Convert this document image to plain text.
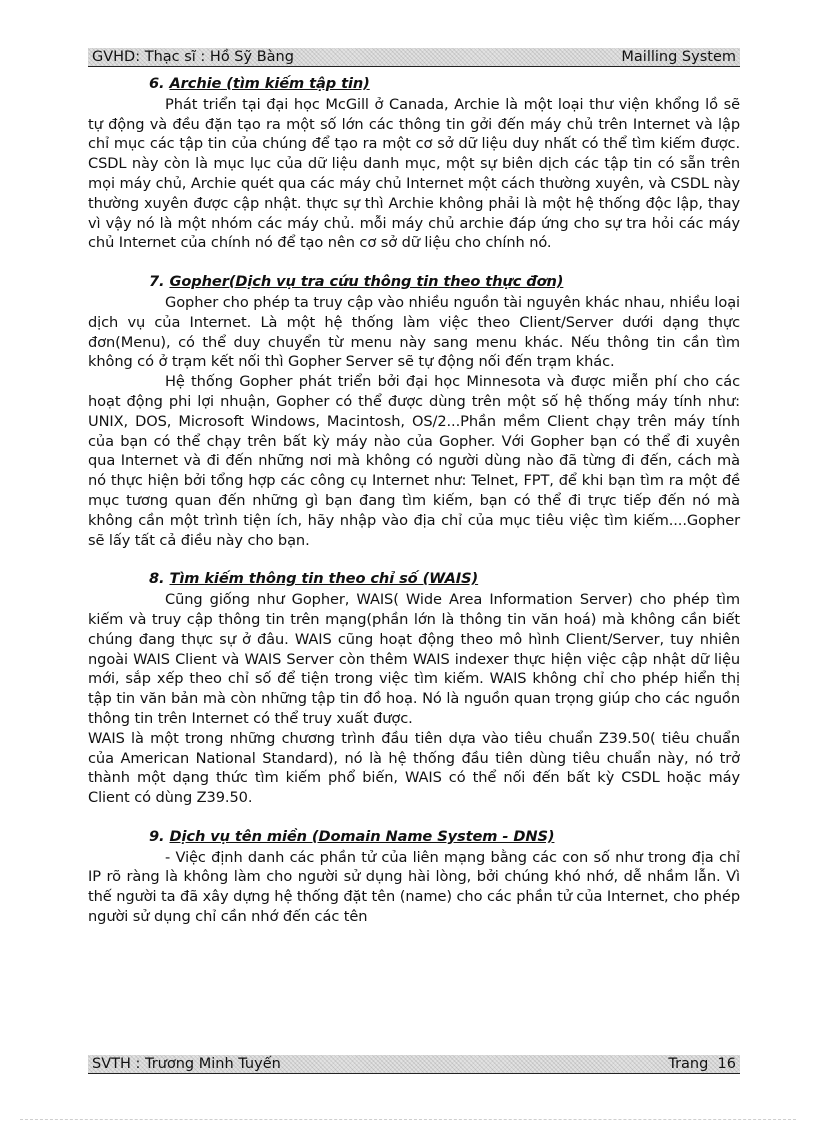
GVHD: Thạc sĩ : Hồ Sỹ Bàng	Mailling System
6. Archie (tìm kiếm tập tin)

Phát triển tại đại học McGill ở Canada, Archie là một loại thư viện khổng lồ sẽ tự động và đều đặn tạo ra một số lớn các thông tin gởi đến máy chủ trên Internet và lập chỉ mục các tập tin của chúng để tạo ra một cơ sở dữ liệu duy nhất có thể tìm kiếm được. CSDL này còn là mục lục của dữ liệu danh mục, một sự biên dịch các tập tin có sẵn trên mọi máy chủ, Archie quét qua các máy chủ Internet một cách thường xuyên, và CSDL này thường xuyên được cập nhật. thực sự thì Archie không phải là một hệ thống độc lập, thay vì vậy nó là một nhóm các máy chủ. mỗi máy chủ archie đáp ứng cho sự tra hỏi các máy chủ Internet của chính nó để tạo nên cơ sở dữ liệu cho chính nó.

7. Gopher(Dịch vụ tra cứu thông tin theo thực đơn)

Gopher cho phép ta truy cập vào nhiều nguồn tài nguyên khác nhau, nhiều loại dịch vụ của Internet. Là một hệ thống làm việc theo Client/Server dưới dạng thực đơn(Menu), có thể duy chuyển từ menu này sang menu khác. Nếu thông tin cần tìm không có ở trạm kết nối thì Gopher Server sẽ tự động nối đến trạm khác.

Hệ thống Gopher phát triển bởi đại học Minnesota và được miễn phí cho các hoạt động phi lợi nhuận, Gopher có thể được dùng trên một số hệ thống máy tính như: UNIX, DOS, Microsoft Windows, Macintosh, OS/2...Phần mềm Client chạy trên máy tính của bạn có thể chạy trên bất kỳ máy nào của Gopher. Với Gopher bạn có thể đi xuyên qua Internet và đi đến những nơi mà không có người dùng nào đã từng đi đến, cách mà nó thực hiện bởi tổng hợp các công cụ Internet như: Telnet, FPT, để khi bạn tìm ra một đề mục tương quan đến những gì bạn đang tìm kiếm, bạn có thể đi trực tiếp đến nó mà không cần một trình tiện ích, hãy nhập vào địa chỉ của mục tiêu việc tìm kiếm....Gopher sẽ lấy tất cả điều này cho bạn.

8. Tìm kiếm thông tin theo chỉ số (WAIS)

Cũng giống như Gopher, WAIS( Wide Area Information Server) cho phép tìm kiếm và truy cập thông tin trên mạng(phần lớn là thông tin văn hoá) mà không cần biết chúng đang thực sự ở đâu. WAIS cũng hoạt động theo mô hình Client/Server, tuy nhiên ngoài WAIS Client và WAIS Server còn thêm WAIS indexer thực hiện việc cập nhật dữ liệu mới, sắp xếp theo chỉ số để tiện trong việc tìm kiếm. WAIS không chỉ cho phép hiển thị tập tin văn bản mà còn những tập tin đồ hoạ. Nó là nguồn quan trọng giúp cho các nguồn thông tin trên Internet có thể truy xuất được.

WAIS là một trong những chương trình đầu tiên dựa vào tiêu chuẩn Z39.50( tiêu chuẩn của American National Standard), nó là hệ thống đầu tiên dùng tiêu chuẩn này, nó trở thành một dạng thức tìm kiếm phổ biến, WAIS có thể nối đến bất kỳ CSDL hoặc máy Client có dùng Z39.50.

9. Dịch vụ tên miền (Domain Name System - DNS)

- Việc định danh các phần tử của liên mạng bằng các con số như trong địa chỉ IP rõ ràng là không làm cho người sử dụng hài lòng, bởi chúng khó nhớ, dễ nhầm lẫn. Vì thế người ta đã xây dựng hệ thống đặt tên (name) cho các phần tử của Internet, cho phép người sử dụng chỉ cần nhớ đến các tên

SVTH : Trương Minh Tuyến	Trang 16
